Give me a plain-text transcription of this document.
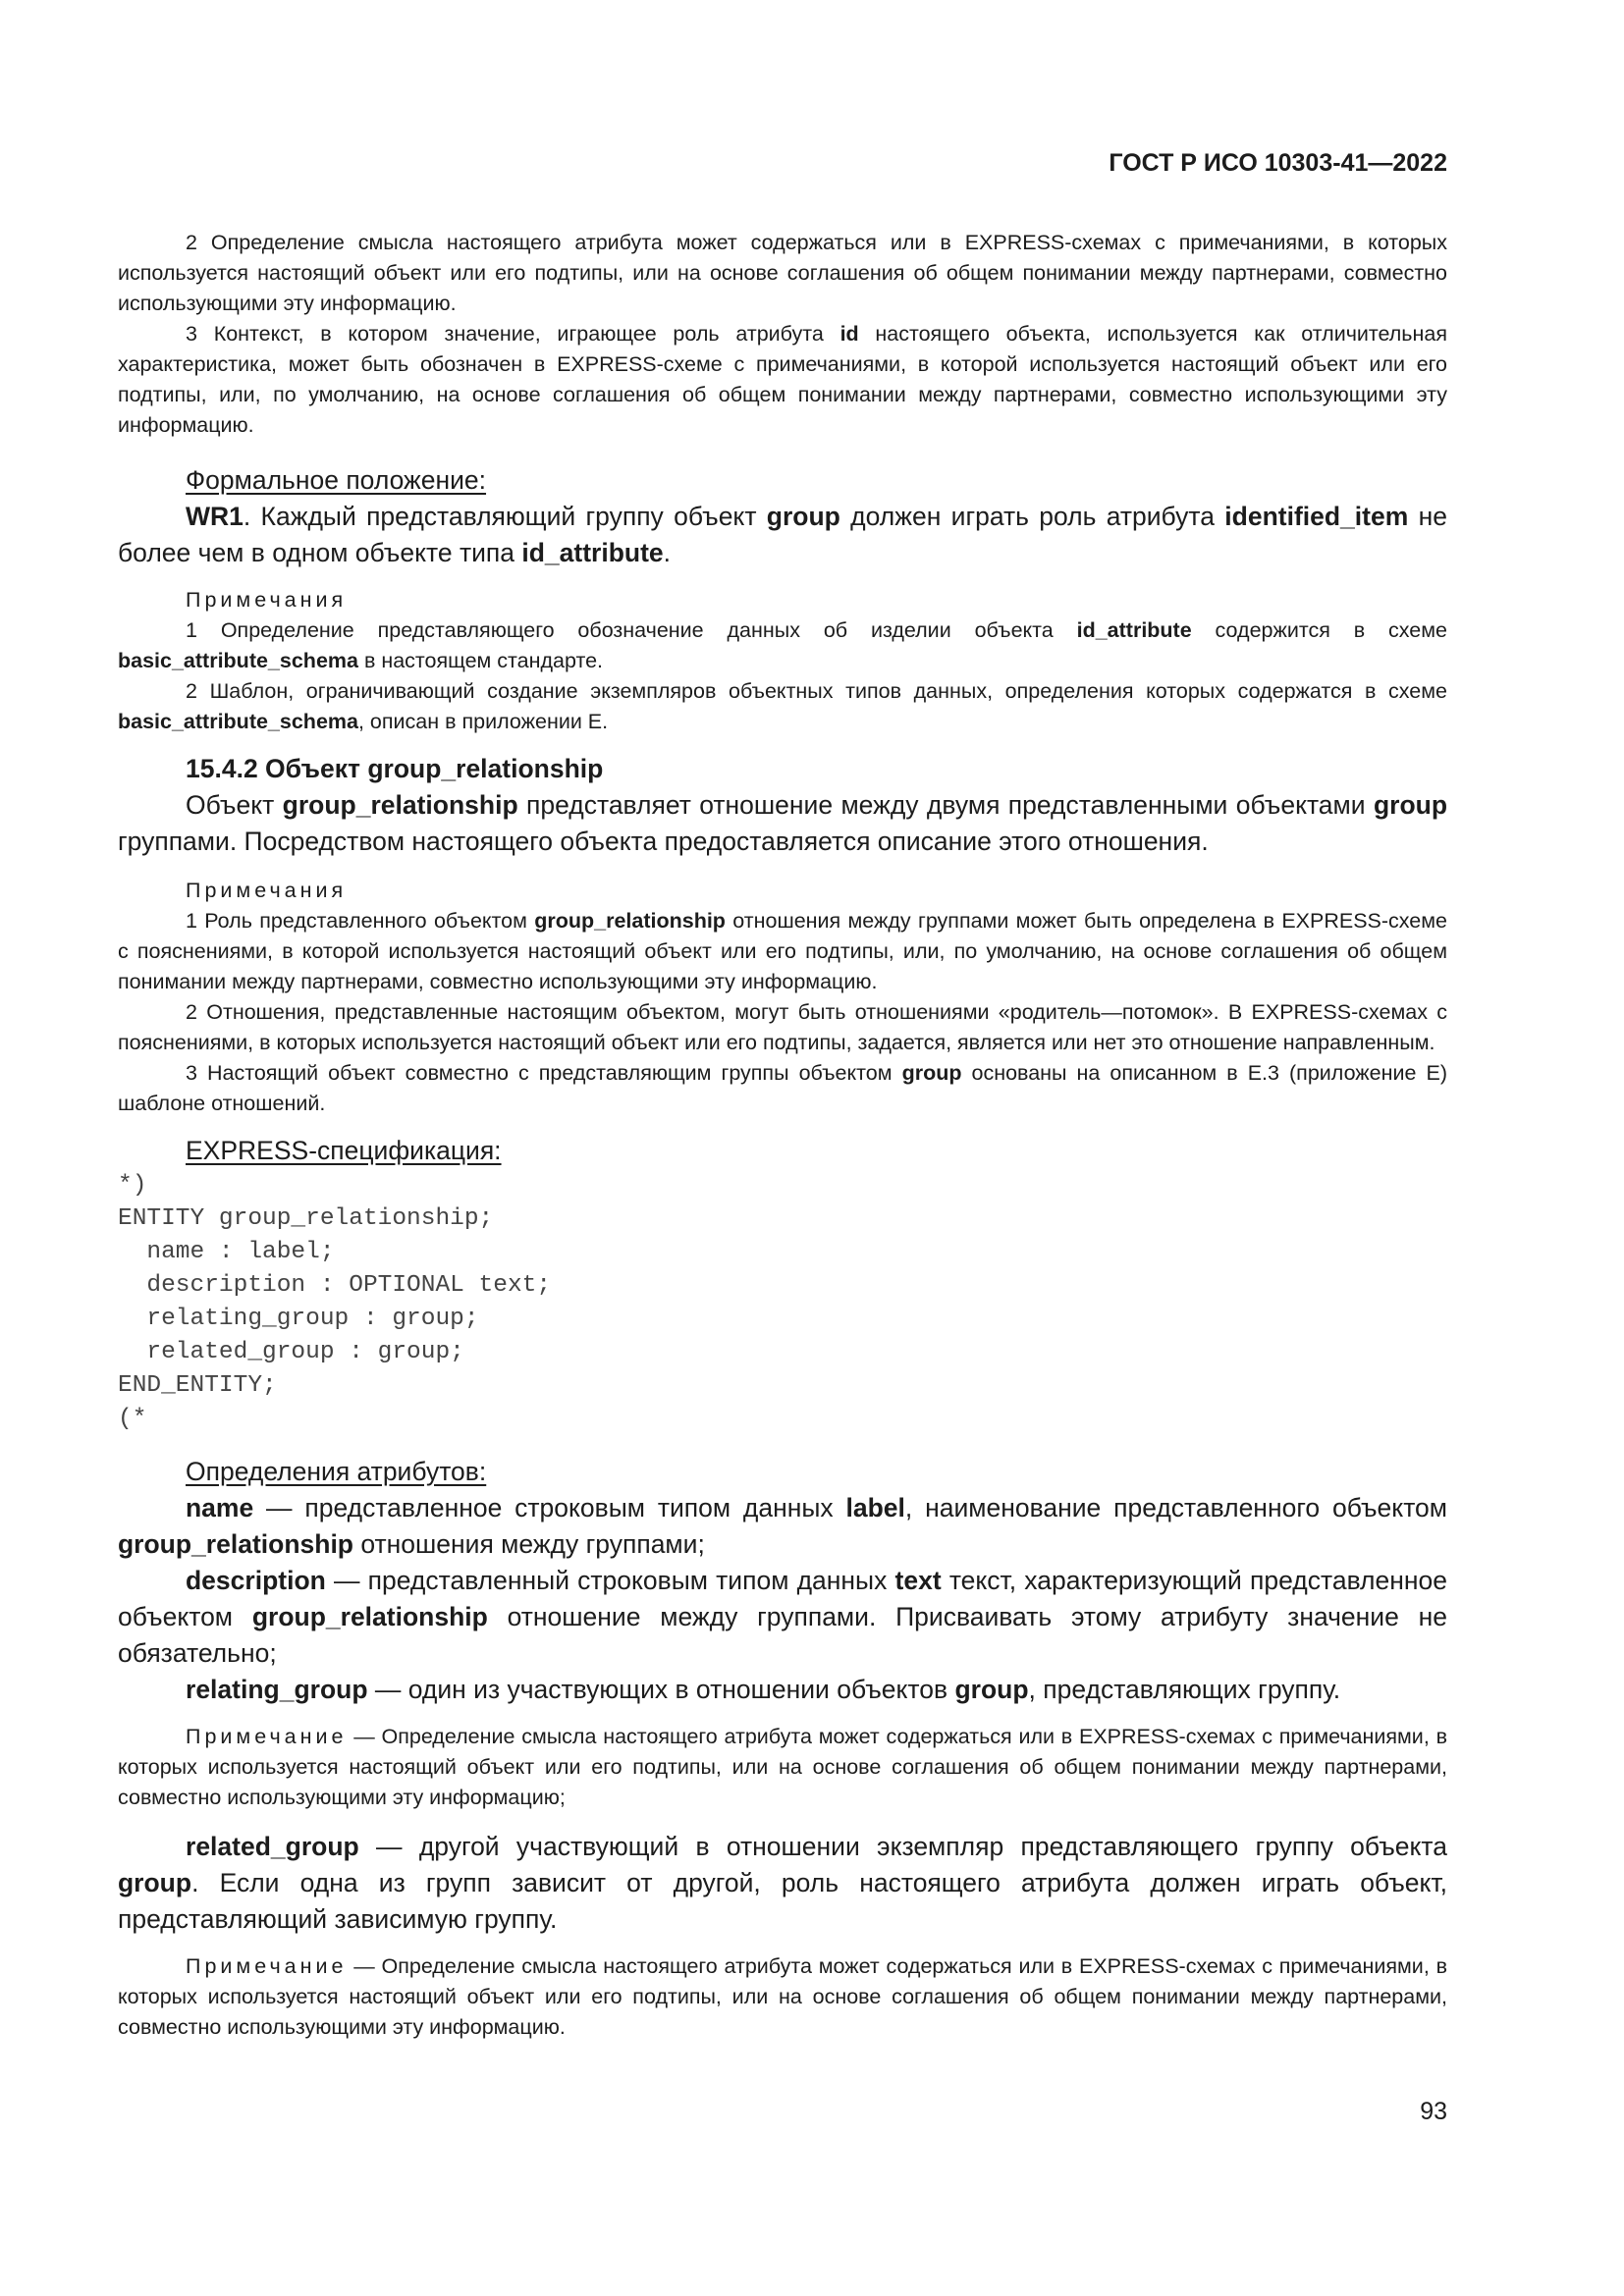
ГОСТ Р ИСО 10303-41—2022

2 Определение смысла настоящего атрибута может содержаться или в EXPRESS-схемах с примечаниями, в которых используется настоящий объект или его подтипы, или на основе соглашения об общем понимании между партнерами, совместно использующими эту информацию.

3 Контекст, в котором значение, играющее роль атрибута id настоящего объекта, используется как отличительная характеристика, может быть обозначен в EXPRESS-схеме с примечаниями, в которой используется настоящий объект или его подтипы, или, по умолчанию, на основе соглашения об общем понимании между партнерами, совместно использующими эту информацию.

Формальное положение:

WR1. Каждый представляющий группу объект group должен играть роль атрибута identified_item не более чем в одном объекте типа id_attribute.

Примечания

1 Определение представляющего обозначение данных об изделии объекта id_attribute содержится в схеме basic_attribute_schema в настоящем стандарте.

2 Шаблон, ограничивающий создание экземпляров объектных типов данных, определения которых содержатся в схеме basic_attribute_schema, описан в приложении Е.

15.4.2 Объект group_relationship

Объект group_relationship представляет отношение между двумя представленными объектами group группами. Посредством настоящего объекта предоставляется описание этого отношения.

Примечания

1 Роль представленного объектом group_relationship отношения между группами может быть определена в EXPRESS-схеме с пояснениями, в которой используется настоящий объект или его подтипы, или, по умолчанию, на основе соглашения об общем понимании между партнерами, совместно использующими эту информацию.

2 Отношения, представленные настоящим объектом, могут быть отношениями «родитель—потомок». В EXPRESS-схемах с пояснениями, в которых используется настоящий объект или его подтипы, задается, является или нет это отношение направленным.

3 Настоящий объект совместно с представляющим группы объектом group основаны на описанном в Е.3 (приложение Е) шаблоне отношений.

EXPRESS-спецификация:

*)
ENTITY group_relationship;
name : label;
description : OPTIONAL text;
relating_group : group;
related_group : group;
END_ENTITY;
(*

Определения атрибутов:

name — представленное строковым типом данных label, наименование представленного объектом group_relationship отношения между группами;

description — представленный строковым типом данных text текст, характеризующий представленное объектом group_relationship отношение между группами. Присваивать этому атрибуту значение не обязательно;

relating_group — один из участвующих в отношении объектов group, представляющих группу.

Примечание — Определение смысла настоящего атрибута может содержаться или в EXPRESS-схемах с примечаниями, в которых используется настоящий объект или его подтипы, или на основе соглашения об общем понимании между партнерами, совместно использующими эту информацию;

related_group — другой участвующий в отношении экземпляр представляющего группу объекта group. Если одна из групп зависит от другой, роль настоящего атрибута должен играть объект, представляющий зависимую группу.

Примечание — Определение смысла настоящего атрибута может содержаться или в EXPRESS-схемах с примечаниями, в которых используется настоящий объект или его подтипы, или на основе соглашения об общем понимании между партнерами, совместно использующими эту информацию.

93
